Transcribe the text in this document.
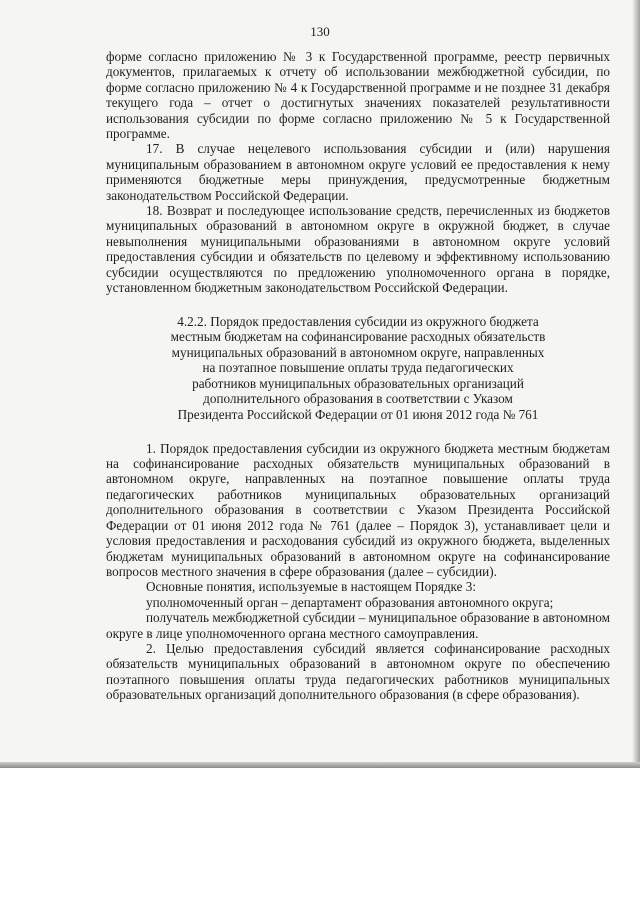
130

форме согласно приложению № 3 к Государственной программе, реестр первичных документов, прилагаемых к отчету об использовании межбюджетной субсидии, по форме согласно приложению № 4 к Государственной программе и не позднее 31 декабря текущего года – отчет о достигнутых значениях показателей результативности использования субсидии по форме согласно приложению № 5 к Государственной программе.

17. В случае нецелевого использования субсидии и (или) нарушения муниципальным образованием в автономном округе условий ее предоставления к нему применяются бюджетные меры принуждения, предусмотренные бюджетным законодательством Российской Федерации.

18. Возврат и последующее использование средств, перечисленных из бюджетов муниципальных образований в автономном округе в окружной бюджет, в случае невыполнения муниципальными образованиями в автономном округе условий предоставления субсидии и обязательств по целевому и эффективному использованию субсидии осуществляются по предложению уполномоченного органа в порядке, установленном бюджетным законодательством Российской Федерации.

4.2.2. Порядок предоставления субсидии из окружного бюджета
местным бюджетам на софинансирование расходных обязательств
муниципальных образований в автономном округе, направленных
на поэтапное повышение оплаты труда педагогических
работников муниципальных образовательных организаций
дополнительного образования в соответствии с Указом
Президента Российской Федерации от 01 июня 2012 года № 761

1. Порядок предоставления субсидии из окружного бюджета местным бюджетам на софинансирование расходных обязательств муниципальных образований в автономном округе, направленных на поэтапное повышение оплаты труда педагогических работников муниципальных образовательных организаций дополнительного образования в соответствии с Указом Президента Российской Федерации от 01 июня 2012 года № 761 (далее – Порядок 3), устанавливает цели и условия предоставления и расходования субсидий из окружного бюджета, выделенных бюджетам муниципальных образований в автономном округе на софинансирование вопросов местного значения в сфере образования (далее – субсидии).

Основные понятия, используемые в настоящем Порядке 3:

уполномоченный орган – департамент образования автономного округа;

получатель межбюджетной субсидии – муниципальное образование в автономном округе в лице уполномоченного органа местного самоуправления.

2. Целью предоставления субсидий является софинансирование расходных обязательств муниципальных образований в автономном округе по обеспечению поэтапного повышения оплаты труда педагогических работников муниципальных образовательных организаций дополнительного образования (в сфере образования).
